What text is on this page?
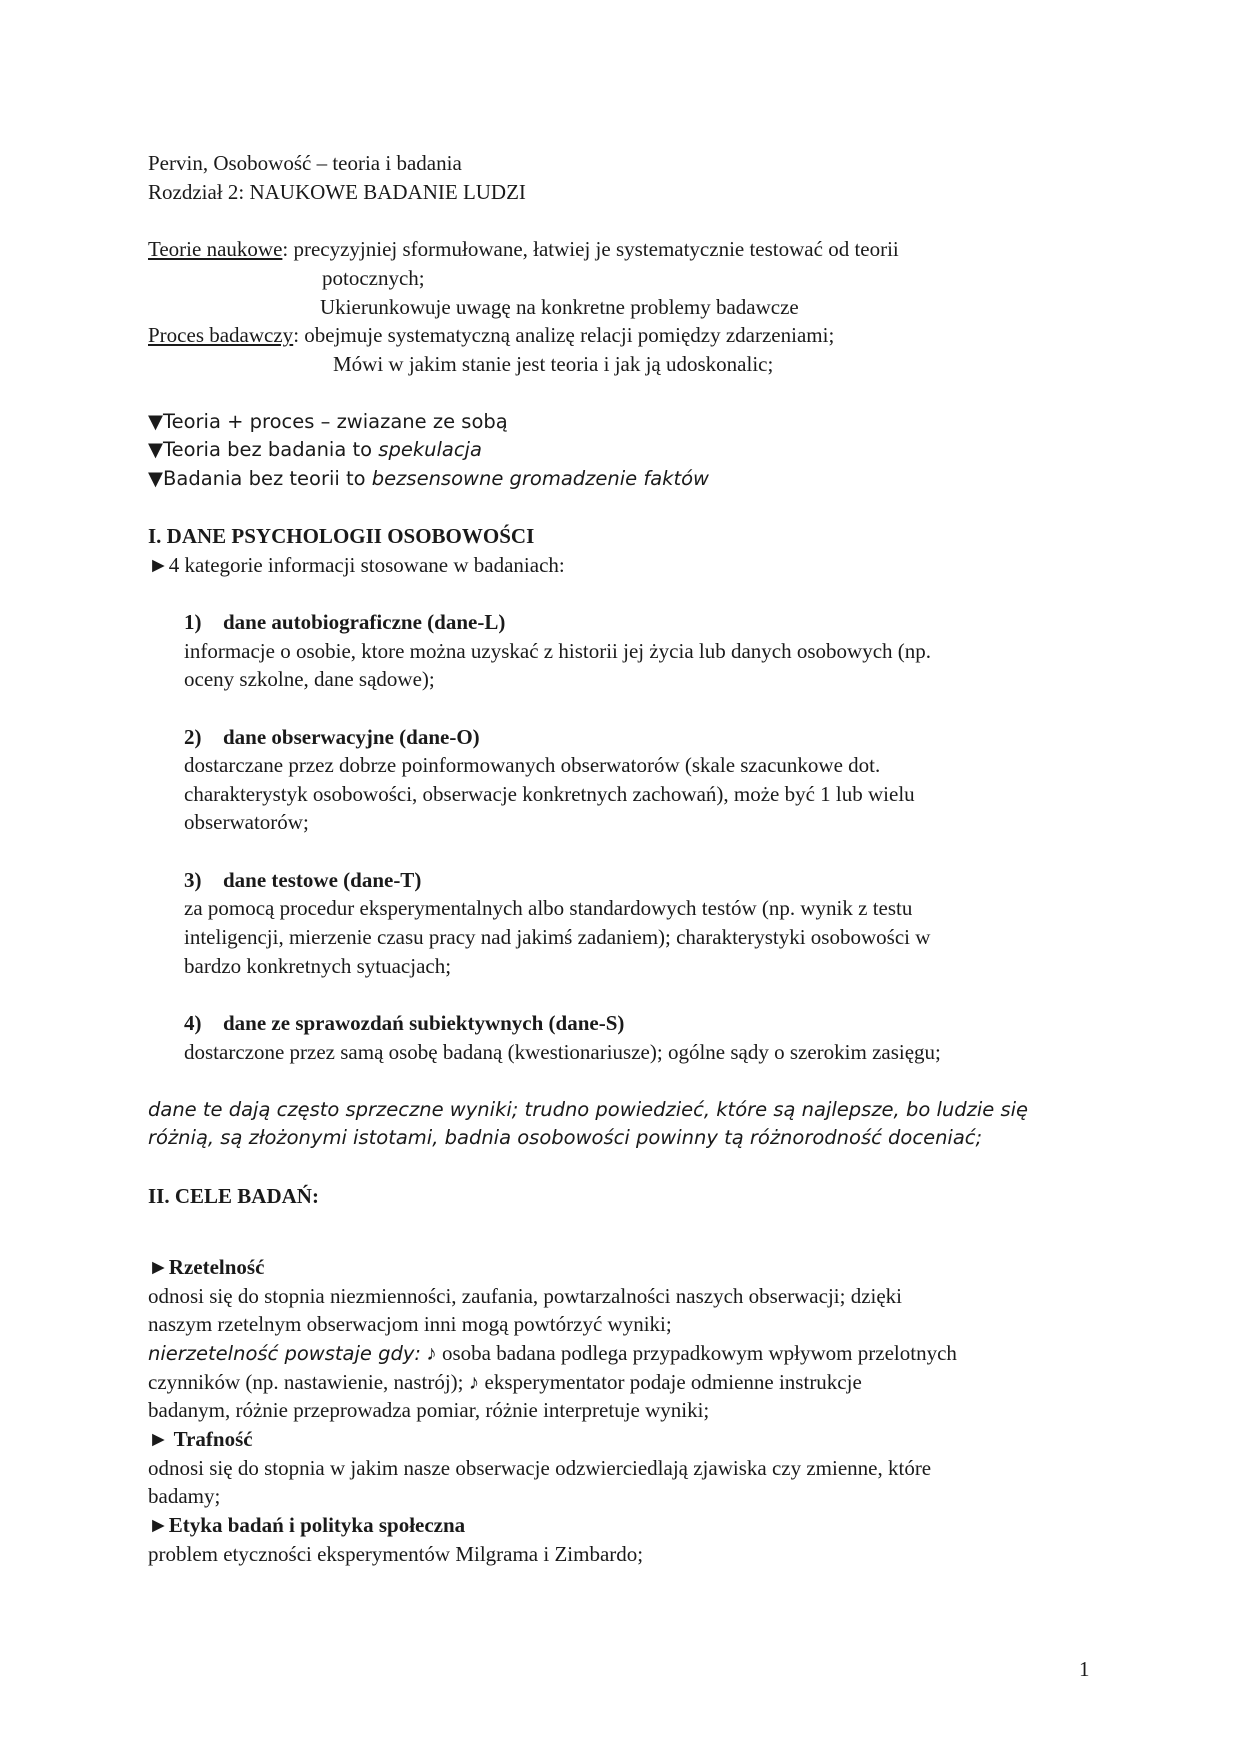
Pervin, Osobowość – teoria i badania
Rozdział 2: NAUKOWE BADANIE LUDZI
Teorie naukowe: precyzyjniej sformułowane, łatwiej je systematycznie testować od teorii
potocznych;
Ukierunkowuje uwagę na konkretne problemy badawcze
Proces badawczy: obejmuje systematyczną analizę relacji pomiędzy zdarzeniami;
Mówi w jakim stanie jest teoria i jak ją udoskonalic;
▼Teoria + proces – zwiazane ze sobą
▼Teoria bez badania to spekulacja
▼Badania bez teorii to bezsensowne gromadzenie faktów
I. DANE PSYCHOLOGII OSOBOWOŚCI
►4 kategorie informacji stosowane w badaniach:
1) dane autobiograficzne (dane-L)
informacje o osobie, ktore można uzyskać z historii jej życia lub danych osobowych (np.
oceny szkolne, dane sądowe);
2) dane obserwacyjne (dane-O)
dostarczane przez dobrze poinformowanych obserwatorów (skale szacunkowe dot.
charakterystyk osobowości, obserwacje konkretnych zachowań), może być 1 lub wielu
obserwatorów;
3) dane testowe (dane-T)
za pomocą procedur eksperymentalnych albo standardowych testów (np. wynik z testu
inteligencji, mierzenie czasu pracy nad jakimś zadaniem); charakterystyki osobowości w
bardzo konkretnych sytuacjach;
4) dane ze sprawozdań subiektywnych (dane-S)
dostarczone przez samą osobę badaną (kwestionariusze); ogólne sądy o szerokim zasięgu;
dane te dają często sprzeczne wyniki; trudno powiedzieć, które są najlepsze, bo ludzie się
różnią, są złożonymi istotami, badnia osobowości powinny tą różnorodność doceniać;
II. CELE BADAŃ:
►Rzetelność
odnosi się do stopnia niezmienności, zaufania, powtarzalności naszych obserwacji; dzięki
naszym rzetelnym obserwacjom inni mogą powtórzyć wyniki;
nierzetelność powstaje gdy: ♪ osoba badana podlega przypadkowym wpływom przelotnych
czynników (np. nastawienie, nastrój); ♪ eksperymentator podaje odmienne instrukcje
badanym, różnie przeprowadza pomiar, różnie interpretuje wyniki;
► Trafność
odnosi się do stopnia w jakim nasze obserwacje odzwierciedlają zjawiska czy zmienne, które
badamy;
►Etyka badań i polityka społeczna
problem etyczności eksperymentów Milgrama i Zimbardo;
1
